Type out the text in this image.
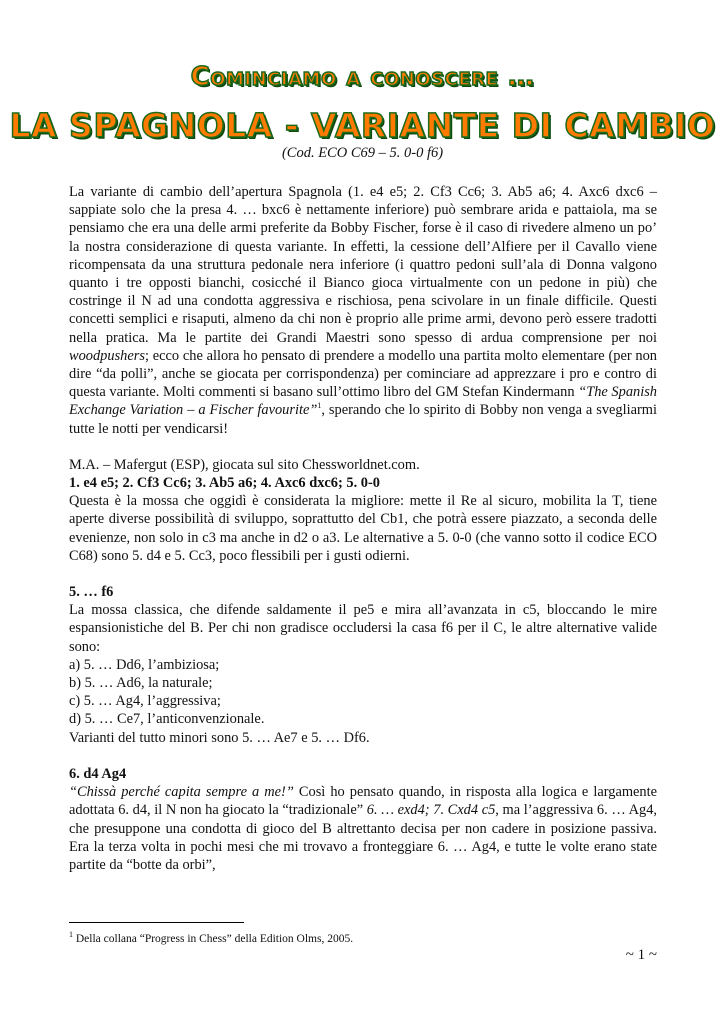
Cominciamo a conoscere …
LA SPAGNOLA - VARIANTE DI CAMBIO
(Cod. ECO C69 – 5. 0-0 f6)

La variante di cambio dell’apertura Spagnola (1. e4 e5; 2. Cf3 Cc6; 3. Ab5 a6; 4. Axc6 dxc6 – sappiate solo che la presa 4. … bxc6 è nettamente inferiore) può sembrare arida e pattaiola, ma se pensiamo che era una delle armi preferite da Bobby Fischer, forse è il caso di rivedere almeno un po’ la nostra considerazione di questa variante. In effetti, la cessione dell’Alfiere per il Cavallo viene ricompensata da una struttura pedonale nera inferiore (i quattro pedoni sull’ala di Donna valgono quanto i tre opposti bianchi, cosicché il Bianco gioca virtualmente con un pedone in più) che costringe il N ad una condotta aggressiva e rischiosa, pena scivolare in un finale difficile. Questi concetti semplici e risaputi, almeno da chi non è proprio alle prime armi, devono però essere tradotti nella pratica. Ma le partite dei Grandi Maestri sono spesso di ardua comprensione per noi woodpushers; ecco che allora ho pensato di prendere a modello una partita molto elementare (per non dire “da polli”, anche se giocata per corrispondenza) per cominciare ad apprezzare i pro e contro di questa variante. Molti commenti si basano sull’ottimo libro del GM Stefan Kindermann “The Spanish Exchange Variation – a Fischer favourite”$^1$, sperando che lo spirito di Bobby non venga a svegliarmi tutte le notti per vendicarsi!

M.A. – Mafergut (ESP), giocata sul sito Chessworldnet.com.

1. e4 e5; 2. Cf3 Cc6; 3. Ab5 a6; 4. Axc6 dxc6; 5. 0-0

Questa è la mossa che oggidì è considerata la migliore: mette il Re al sicuro, mobilita la T, tiene aperte diverse possibilità di sviluppo, soprattutto del Cb1, che potrà essere piazzato, a seconda delle evenienze, non solo in c3 ma anche in d2 o a3. Le alternative a 5. 0-0 (che vanno sotto il codice ECO C68) sono 5. d4 e 5. Cc3, poco flessibili per i gusti odierni.

5. … f6

La mossa classica, che difende saldamente il pe5 e mira all’avanzata in c5, bloccando le mire espansionistiche del B. Per chi non gradisce occludersi la casa f6 per il C, le altre alternative valide sono:

a) 5. … Dd6, l’ambiziosa;

b) 5. … Ad6, la naturale;

c) 5. … Ag4, l’aggressiva;

d) 5. … Ce7, l’anticonvenzionale.

Varianti del tutto minori sono 5. … Ae7 e 5. … Df6.

6. d4 Ag4

“Chissà perché capita sempre a me!” Così ho pensato quando, in risposta alla logica e largamente adottata 6. d4, il N non ha giocato la “tradizionale” 6. … exd4; 7. Cxd4 c5, ma l’aggressiva 6. … Ag4, che presuppone una condotta di gioco del B altrettanto decisa per non cadere in posizione passiva. Era la terza volta in pochi mesi che mi trovavo a fronteggiare 6. … Ag4, e tutte le volte erano state partite da “botte da orbi”,

$^1$ Della collana “Progress in Chess” della Edition Olms, 2005.
~ 1 ~
